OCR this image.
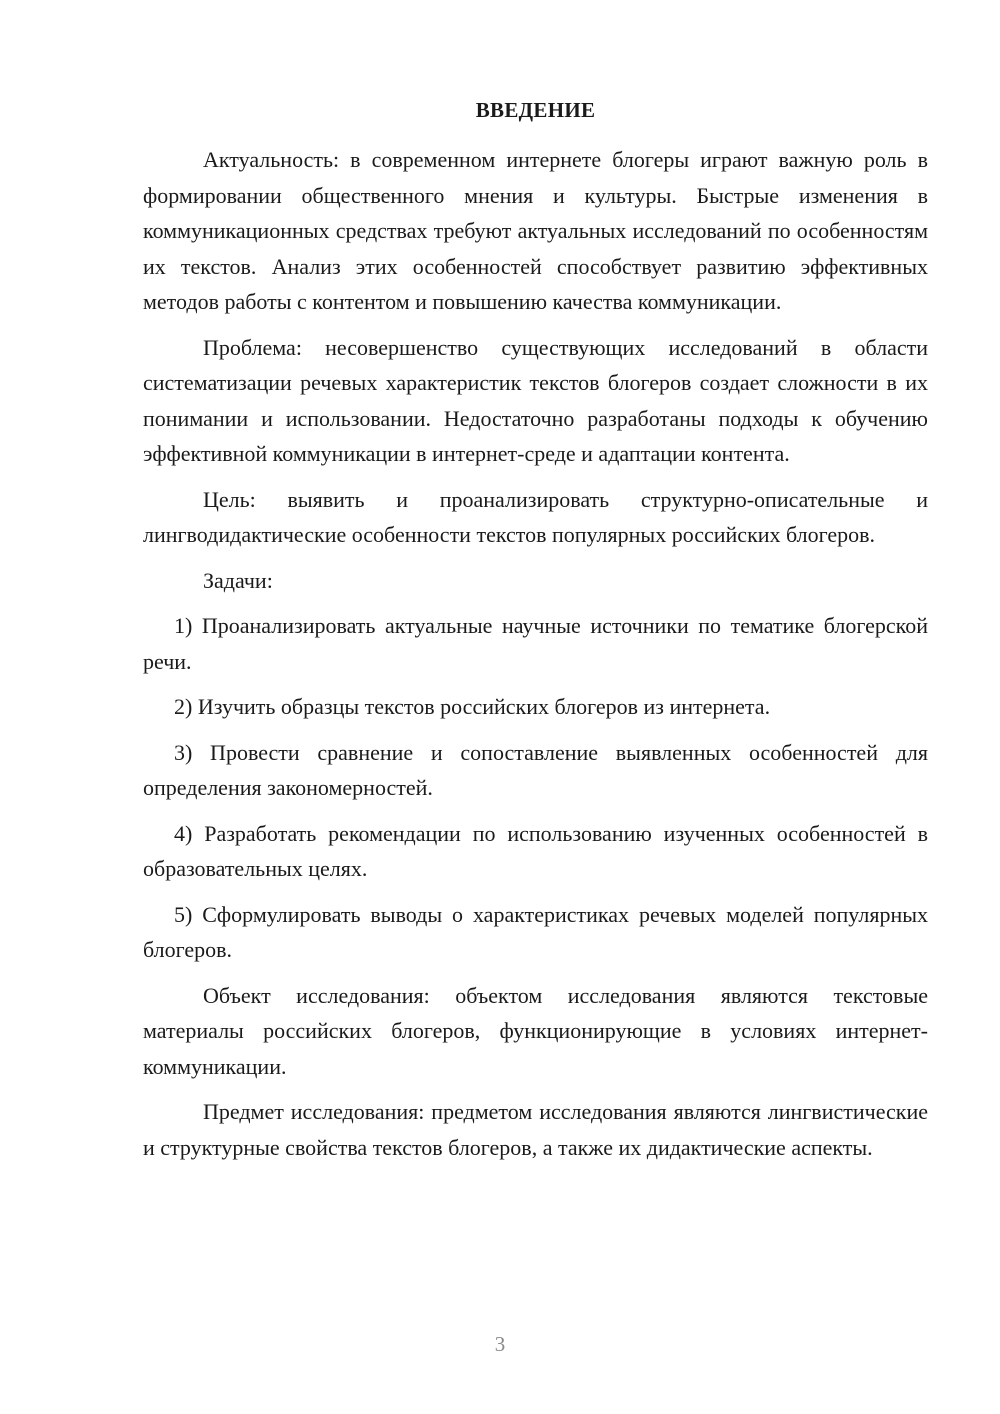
ВВЕДЕНИЕ

Актуальность: в современном интернете блогеры играют важную роль в формировании общественного мнения и культуры. Быстрые изменения в коммуникационных средствах требуют актуальных исследований по особенностям их текстов. Анализ этих особенностей способствует развитию эффективных методов работы с контентом и повышению качества коммуникации.

Проблема: несовершенство существующих исследований в области систематизации речевых характеристик текстов блогеров создает сложности в их понимании и использовании. Недостаточно разработаны подходы к обучению эффективной коммуникации в интернет-среде и адаптации контента.

Цель: выявить и проанализировать структурно-описательные и лингводидактические особенности текстов популярных российских блогеров.

Задачи:

1) Проанализировать актуальные научные источники по тематике блогерской речи.

2) Изучить образцы текстов российских блогеров из интернета.

3) Провести сравнение и сопоставление выявленных особенностей для определения закономерностей.

4) Разработать рекомендации по использованию изученных особенностей в образовательных целях.

5) Сформулировать выводы о характеристиках речевых моделей популярных блогеров.

Объект исследования: объектом исследования являются текстовые материалы российских блогеров, функционирующие в условиях интернет-коммуникации.

Предмет исследования: предметом исследования являются лингвистические и структурные свойства текстов блогеров, а также их дидактические аспекты.

3
